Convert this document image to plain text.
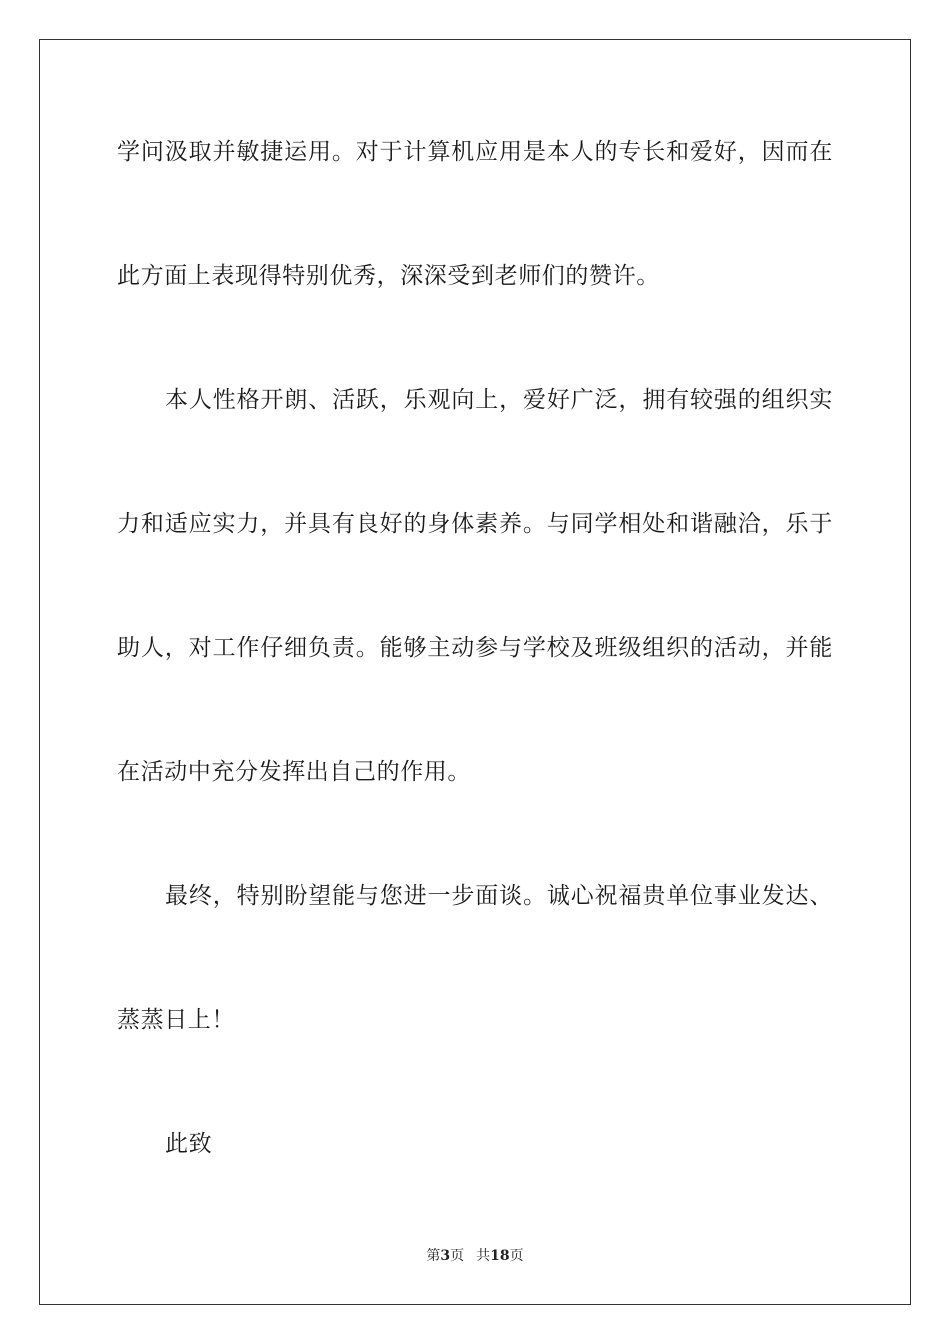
学问汲取并敏捷运用。对于计算机应用是本人的专长和爱好，因而在
此方面上表现得特别优秀，深深受到老师们的赞许。
本人性格开朗、活跃，乐观向上，爱好广泛，拥有较强的组织实
力和适应实力，并具有良好的身体素养。与同学相处和谐融洽，乐于
助人，对工作仔细负责。能够主动参与学校及班级组织的活动，并能
在活动中充分发挥出自己的作用。
最终，特别盼望能与您进一步面谈。诚心祝福贵单位事业发达、
蒸蒸日上！
此致
第3页 共18页
